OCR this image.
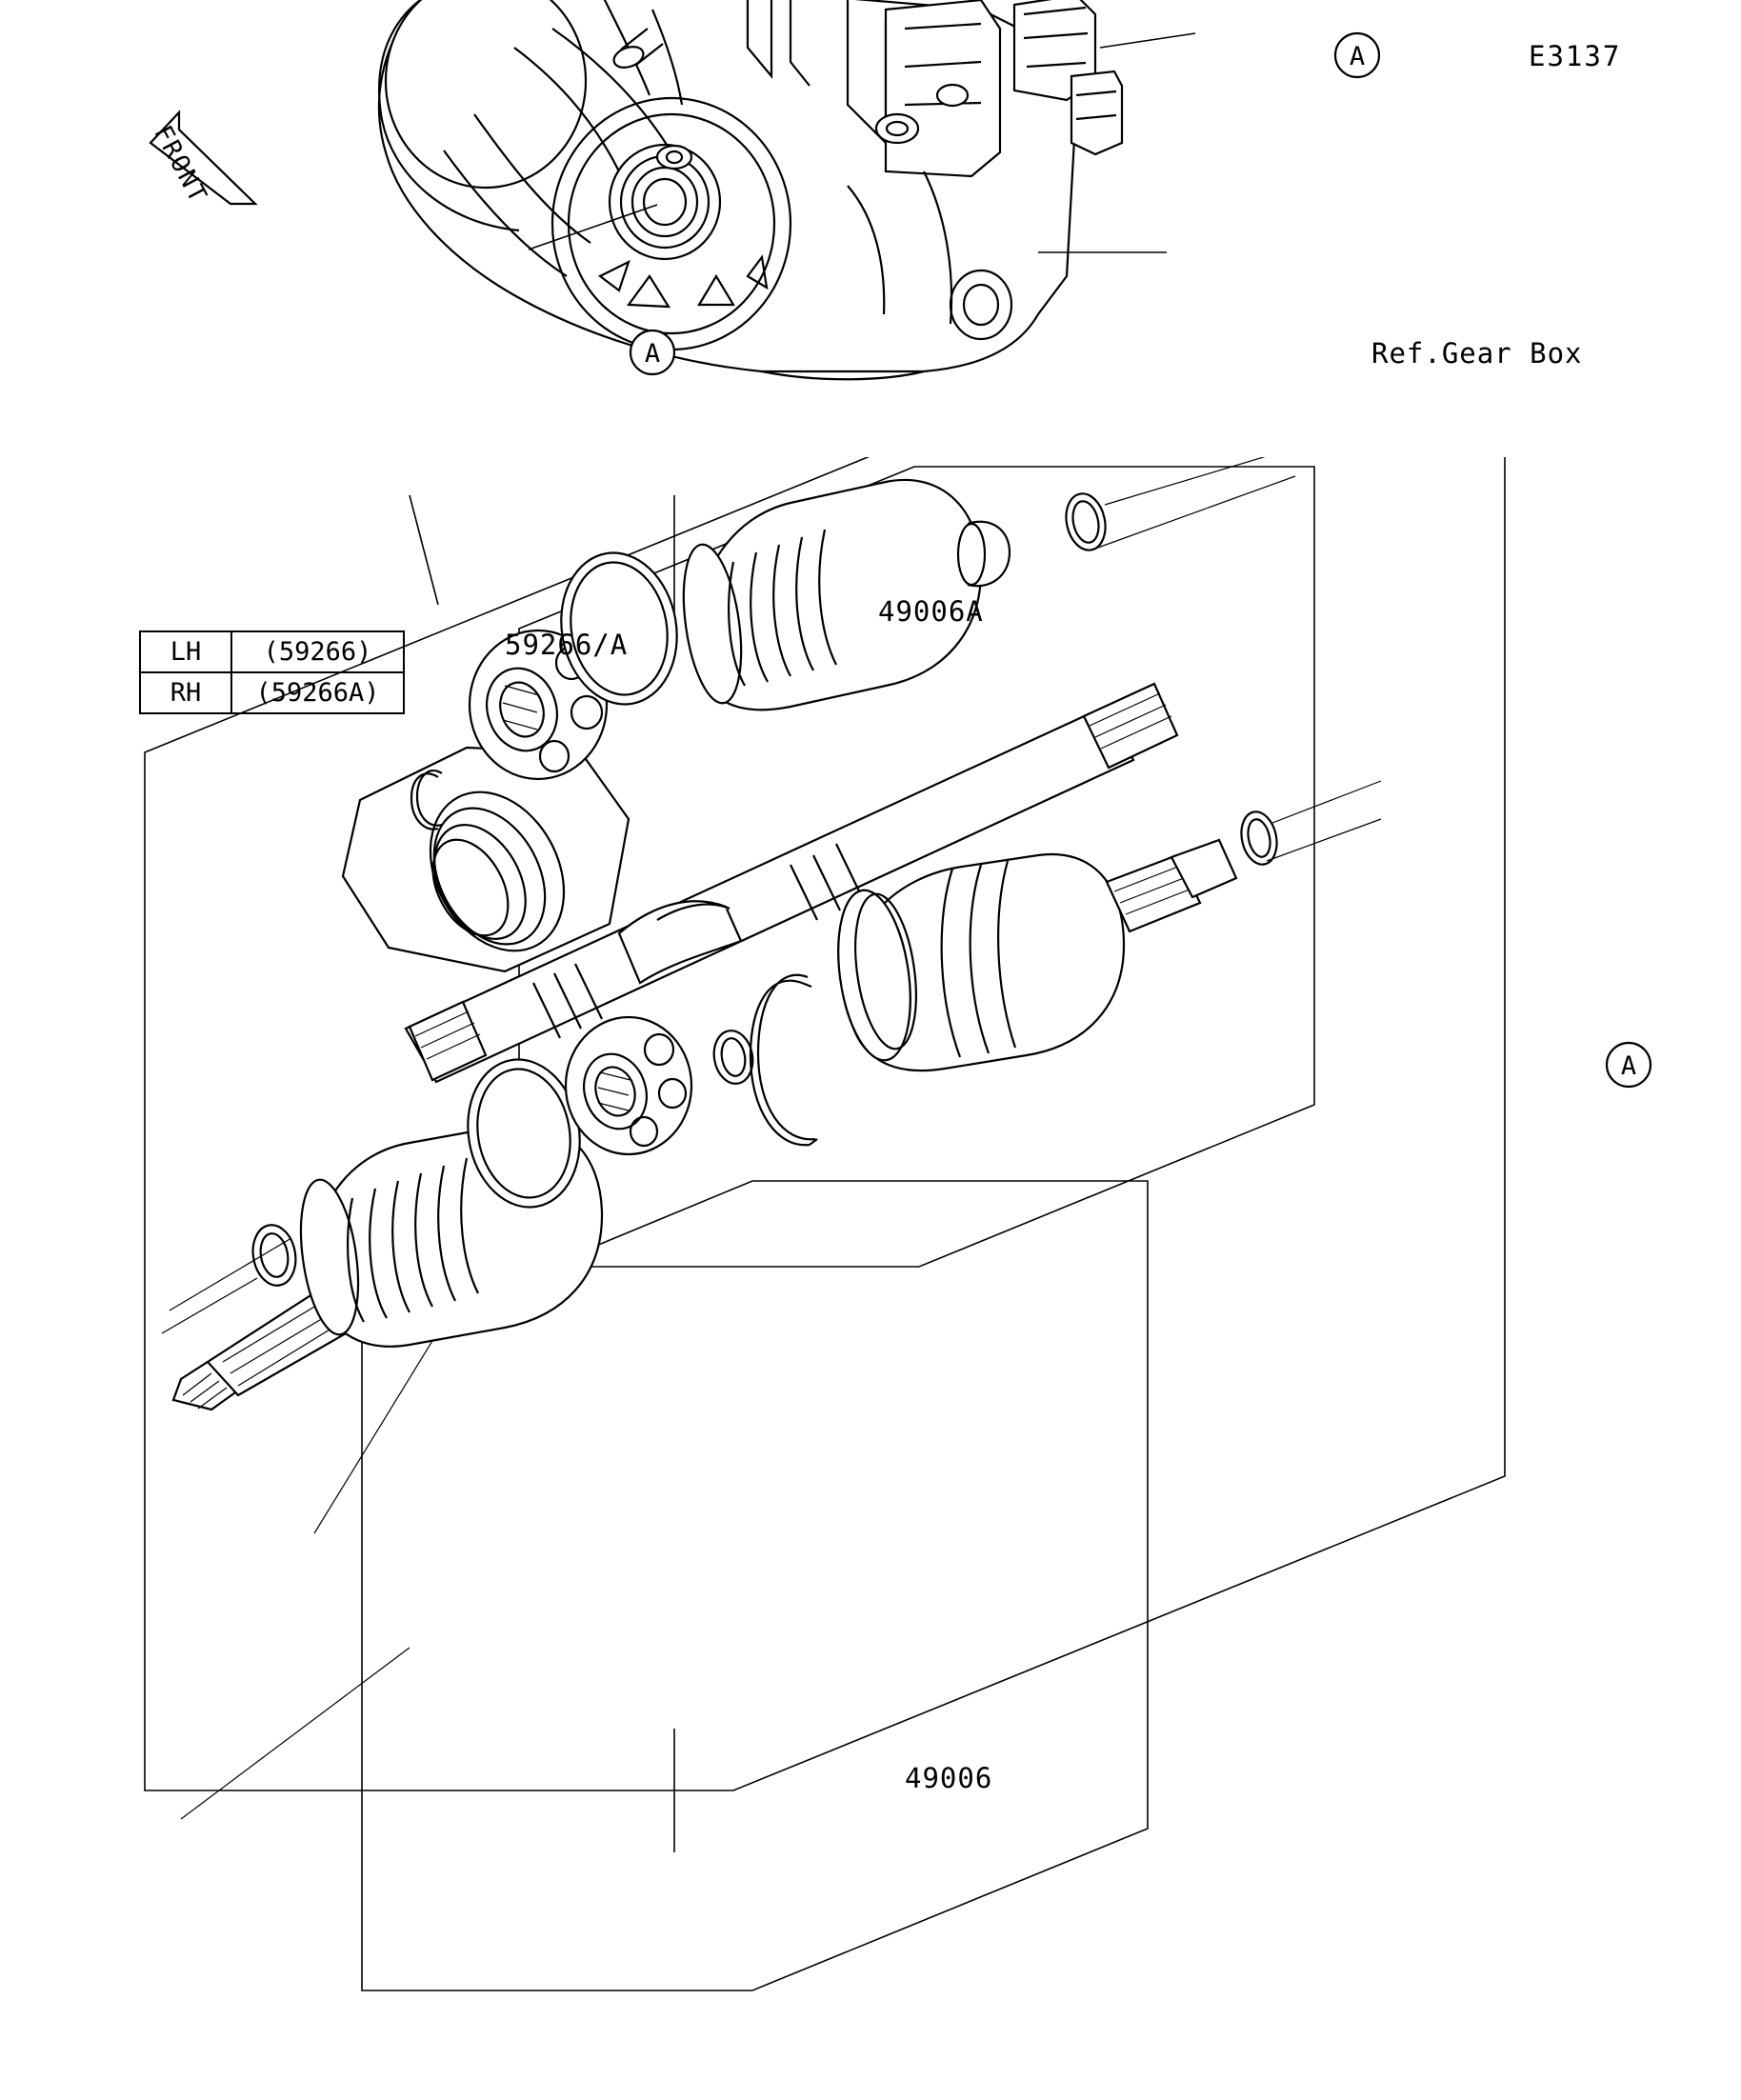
E3137
FRONT
A
A	Ref.Gear Box
LH	(59266)
RH	(59266A)
59266/A
49006A
49006
A
